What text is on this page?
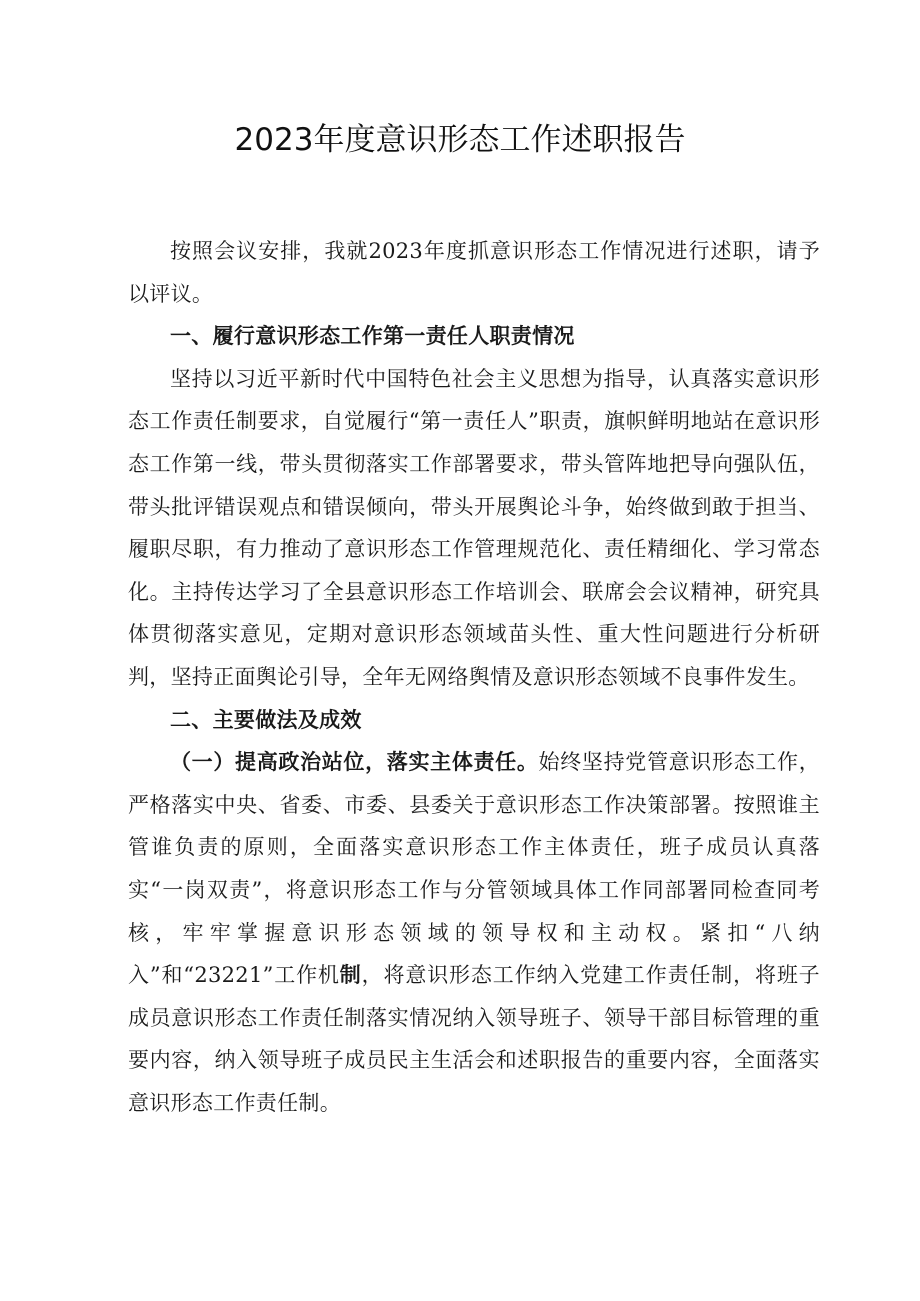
2023年度意识形态工作述职报告

按照会议安排，我就2023年度抓意识形态工作情况进行述职，请予以评议。

一、履行意识形态工作第一责任人职责情况

坚持以习近平新时代中国特色社会主义思想为指导，认真落实意识形态工作责任制要求，自觉履行“第一责任人”职责，旗帜鲜明地站在意识形态工作第一线，带头贯彻落实工作部署要求，带头管阵地把导向强队伍，带头批评错误观点和错误倾向，带头开展舆论斗争，始终做到敢于担当、履职尽职，有力推动了意识形态工作管理规范化、责任精细化、学习常态化。主持传达学习了全县意识形态工作培训会、联席会会议精神，研究具体贯彻落实意见，定期对意识形态领域苗头性、重大性问题进行分析研判，坚持正面舆论引导，全年无网络舆情及意识形态领域不良事件发生。

二、主要做法及成效

（一）提高政治站位，落实主体责任。始终坚持党管意识形态工作，严格落实中央、省委、市委、县委关于意识形态工作决策部署。按照谁主管谁负责的原则，全面落实意识形态工作主体责任，班子成员认真落实“一岗双责”，将意识形态工作与分管领域具体工作同部署同检查同考核，牢牢掌握意识形态领域的领导权和主动权。紧扣“八纳入”和“23221”工作机制，将意识形态工作纳入党建工作责任制，将班子成员意识形态工作责任制落实情况纳入领导班子、领导干部目标管理的重要内容，纳入领导班子成员民主生活会和述职报告的重要内容，全面落实意识形态工作责任制。
